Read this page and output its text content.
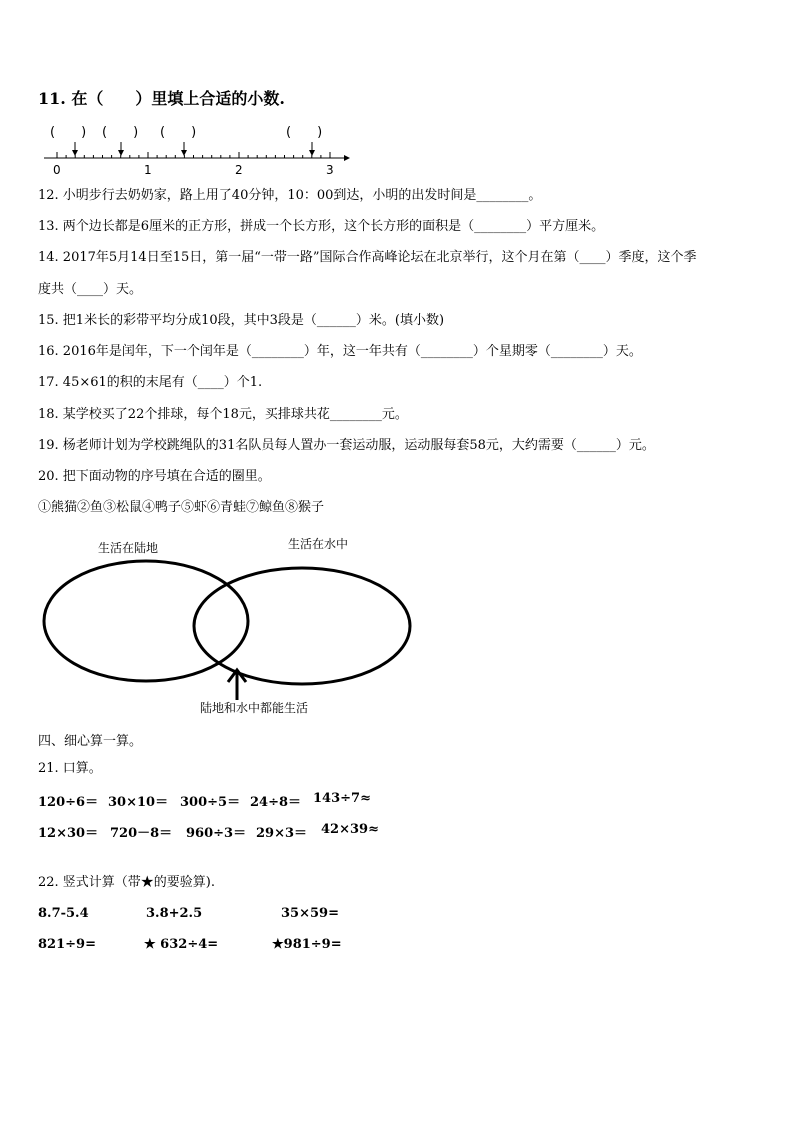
11. 在（　　）里填上合适的小数.
(　　) (　　) (　　)	(　　)
0	1	2	3
12. 小明步行去奶奶家，路上用了40分钟，10：00到达，小明的出发时间是________。
13. 两个边长都是6厘米的正方形，拼成一个长方形，这个长方形的面积是（________）平方厘米。
14. 2017年5月14日至15日，第一届“一带一路”国际合作高峰论坛在北京举行，这个月在第（____）季度，这个季
度共（____）天。
15. 把1米长的彩带平均分成10段，其中3段是（______）米。(填小数)
16. 2016年是闰年，下一个闰年是（________）年，这一年共有（________）个星期零（________）天。
17. 45×61的积的末尾有（____）个1.
18. 某学校买了22个排球，每个18元，买排球共花________元。
19. 杨老师计划为学校跳绳队的31名队员每人置办一套运动服，运动服每套58元，大约需要（______）元。
20. 把下面动物的序号填在合适的圈里。
①熊猫②鱼③松鼠④鸭子⑤虾⑥青蛙⑦鲸鱼⑧猴子
生活在陆地	生活在水中
陆地和水中都能生活
四、细心算一算。
21. 口算。
120÷6＝ 30×10＝ 300÷5＝ 24÷8＝ 143÷7≈
12×30＝ 720－8＝ 960÷3＝ 29×3＝ 42×39≈
22. 竖式计算（带★的要验算).
8.7-5.4	3.8+2.5	35×59=
821÷9=	★ 632÷4=	★981÷9=
